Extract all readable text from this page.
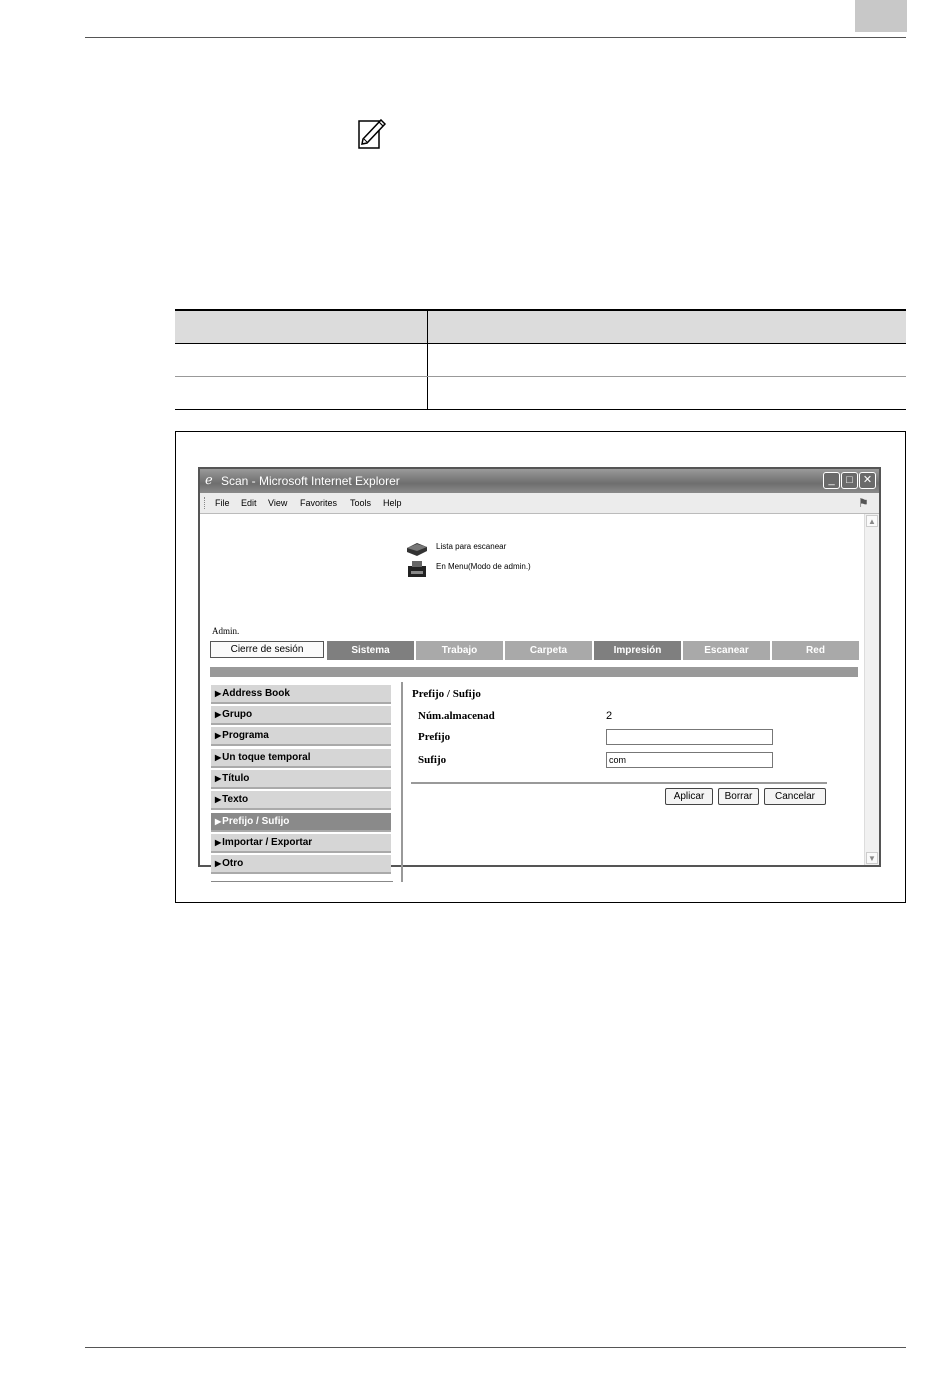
ℯ Scan - Microsoft Internet Explorer	_	□ ✕
File Edit View Favorites Tools Help	⚑
▲
▼
Lista para escanear
En Menu(Modo de admin.)
Admin.
Cierre de sesión	Sistema	Trabajo	Carpeta	Impresión	Escanear	Red
▶Address Book
▶Grupo
▶Programa
▶Un toque temporal
▶Título
▶Texto
▶Prefijo / Sufijo
▶Importar / Exportar
▶Otro
Prefijo / Sufijo
Núm.almacenad	2
Prefijo
Sufijo	com
Aplicar	Borrar	Cancelar
